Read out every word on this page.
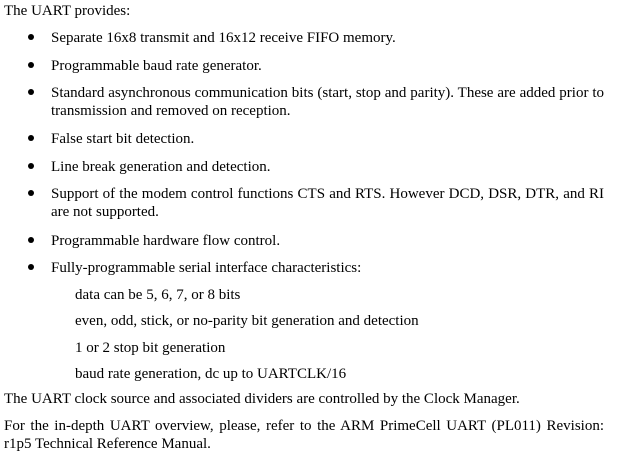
The UART provides:
Separate 16x8 transmit and 16x12 receive FIFO memory.
Programmable baud rate generator.
Standard asynchronous communication bits (start, stop and parity). These are added prior to transmission and removed on reception.
False start bit detection.
Line break generation and detection.
Support of the modem control functions CTS and RTS. However DCD, DSR, DTR, and RI are not supported.
Programmable hardware flow control.
Fully-programmable serial interface characteristics:
data can be 5, 6, 7, or 8 bits
even, odd, stick, or no-parity bit generation and detection
1 or 2 stop bit generation
baud rate generation, dc up to UARTCLK/16
The UART clock source and associated dividers are controlled by the Clock Manager.
For the in-depth UART overview, please, refer to the ARM PrimeCell UART (PL011) Revision: r1p5 Technical Reference Manual.
